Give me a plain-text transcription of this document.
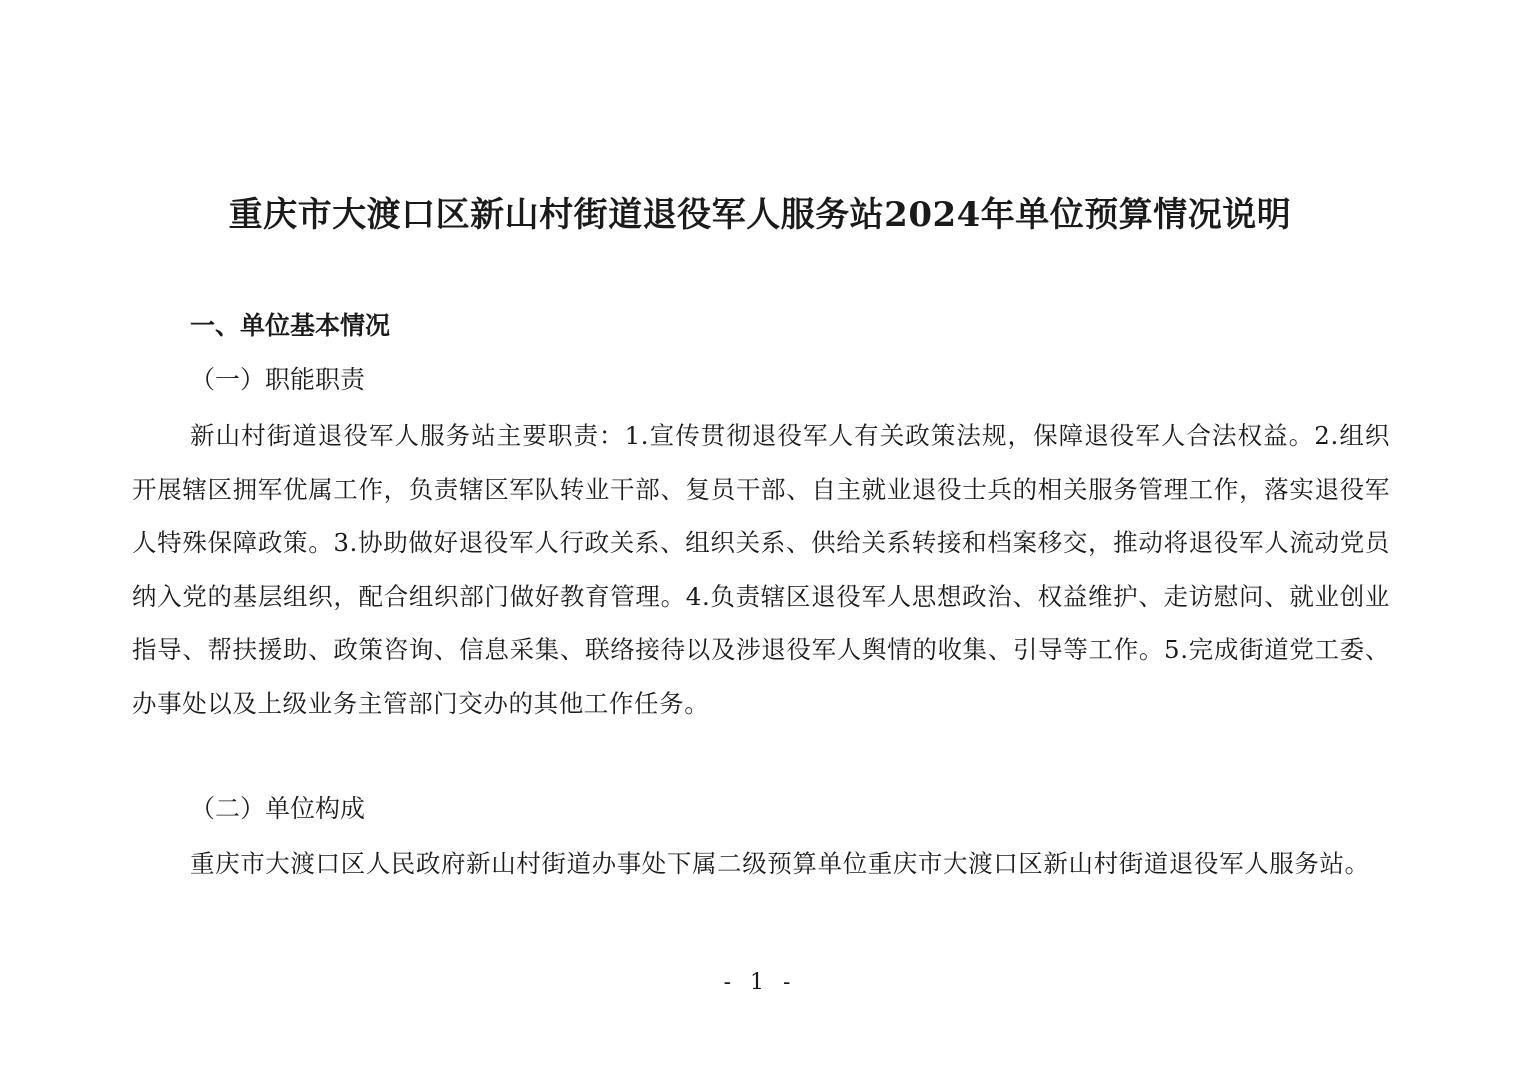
重庆市大渡口区新山村街道退役军人服务站2024年单位预算情况说明
一、单位基本情况
（一）职能职责

新山村街道退役军人服务站主要职责：1.宣传贯彻退役军人有关政策法规，保障退役军人合法权益。2.组织开展辖区拥军优属工作，负责辖区军队转业干部、复员干部、自主就业退役士兵的相关服务管理工作，落实退役军人特殊保障政策。3.协助做好退役军人行政关系、组织关系、供给关系转接和档案移交，推动将退役军人流动党员纳入党的基层组织，配合组织部门做好教育管理。4.负责辖区退役军人思想政治、权益维护、走访慰问、就业创业指导、帮扶援助、政策咨询、信息采集、联络接待以及涉退役军人舆情的收集、引导等工作。5.完成街道党工委、办事处以及上级业务主管部门交办的其他工作任务。

（二）单位构成

重庆市大渡口区人民政府新山村街道办事处下属二级预算单位重庆市大渡口区新山村街道退役军人服务站。

- 1 -
